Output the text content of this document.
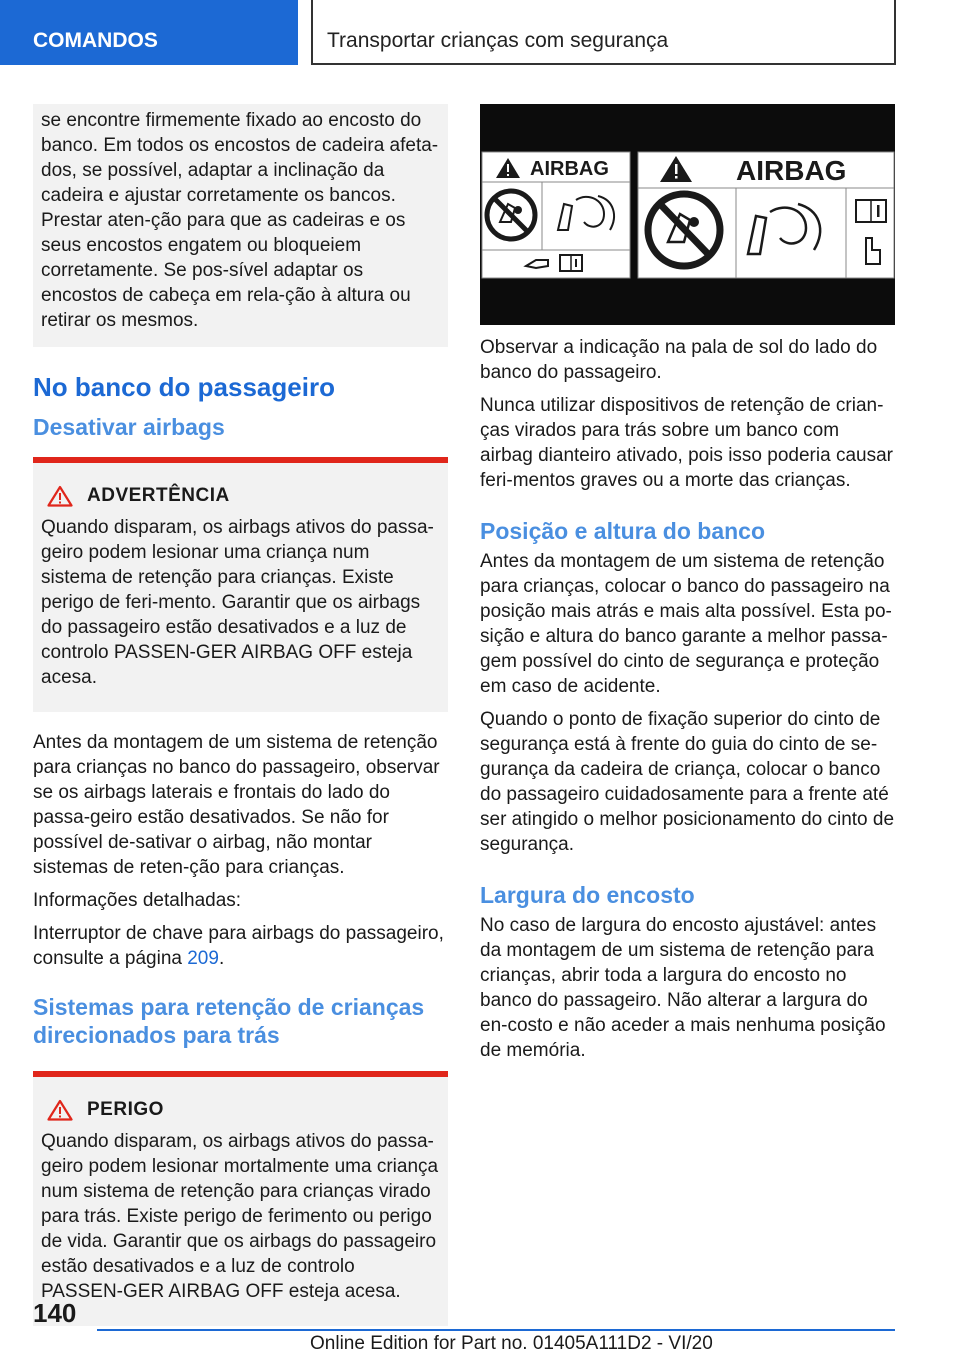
COMANDOS	Transportar crianças com segurança

se encontre firmemente fixado ao encosto do banco. Em todos os encostos de cadeira afeta-dos, se possível, adaptar a inclinação da cadeira e ajustar corretamente os bancos. Prestar aten-ção para que as cadeiras e os seus encostos engatem ou bloqueiem corretamente. Se pos-sível adaptar os encostos de cabeça em rela-ção à altura ou retirar os mesmos.

No banco do passageiro
Desativar airbags
ADVERTÊNCIA

Quando disparam, os airbags ativos do passa-geiro podem lesionar uma criança num sistema de retenção para crianças. Existe perigo de feri-mento. Garantir que os airbags do passageiro estão desativados e a luz de controlo PASSEN-GER AIRBAG OFF esteja acesa.

Antes da montagem de um sistema de retenção para crianças no banco do passageiro, observar se os airbags laterais e frontais do lado do passa-geiro estão desativados. Se não for possível de-sativar o airbag, não montar sistemas de reten-ção para crianças.

Informações detalhadas:

Interruptor de chave para airbags do passageiro, consulte a página 209.

Sistemas para retenção de crianças direcionados para trás
PERIGO

Quando disparam, os airbags ativos do passa-geiro podem lesionar mortalmente uma criança num sistema de retenção para crianças virado para trás. Existe perigo de ferimento ou perigo de vida. Garantir que os airbags do passageiro estão desativados e a luz de controlo PASSEN-GER AIRBAG OFF esteja acesa.

AIRBAG	AIRBAG

Observar a indicação na pala de sol do lado do banco do passageiro.

Nunca utilizar dispositivos de retenção de crian-ças virados para trás sobre um banco com airbag dianteiro ativado, pois isso poderia causar feri-mentos graves ou a morte das crianças.

Posição e altura do banco

Antes da montagem de um sistema de retenção para crianças, colocar o banco do passageiro na posição mais atrás e mais alta possível. Esta po-sição e altura do banco garante a melhor passa-gem possível do cinto de segurança e proteção em caso de acidente.

Quando o ponto de fixação superior do cinto de segurança está à frente do guia do cinto de se-gurança da cadeira de criança, colocar o banco do passageiro cuidadosamente para a frente até ser atingido o melhor posicionamento do cinto de segurança.

Largura do encosto

No caso de largura do encosto ajustável: antes da montagem de um sistema de retenção para crianças, abrir toda a largura do encosto no banco do passageiro. Não alterar a largura do en-costo e não aceder a mais nenhuma posição de memória.

140
Online Edition for Part no. 01405A111D2 - VI/20
